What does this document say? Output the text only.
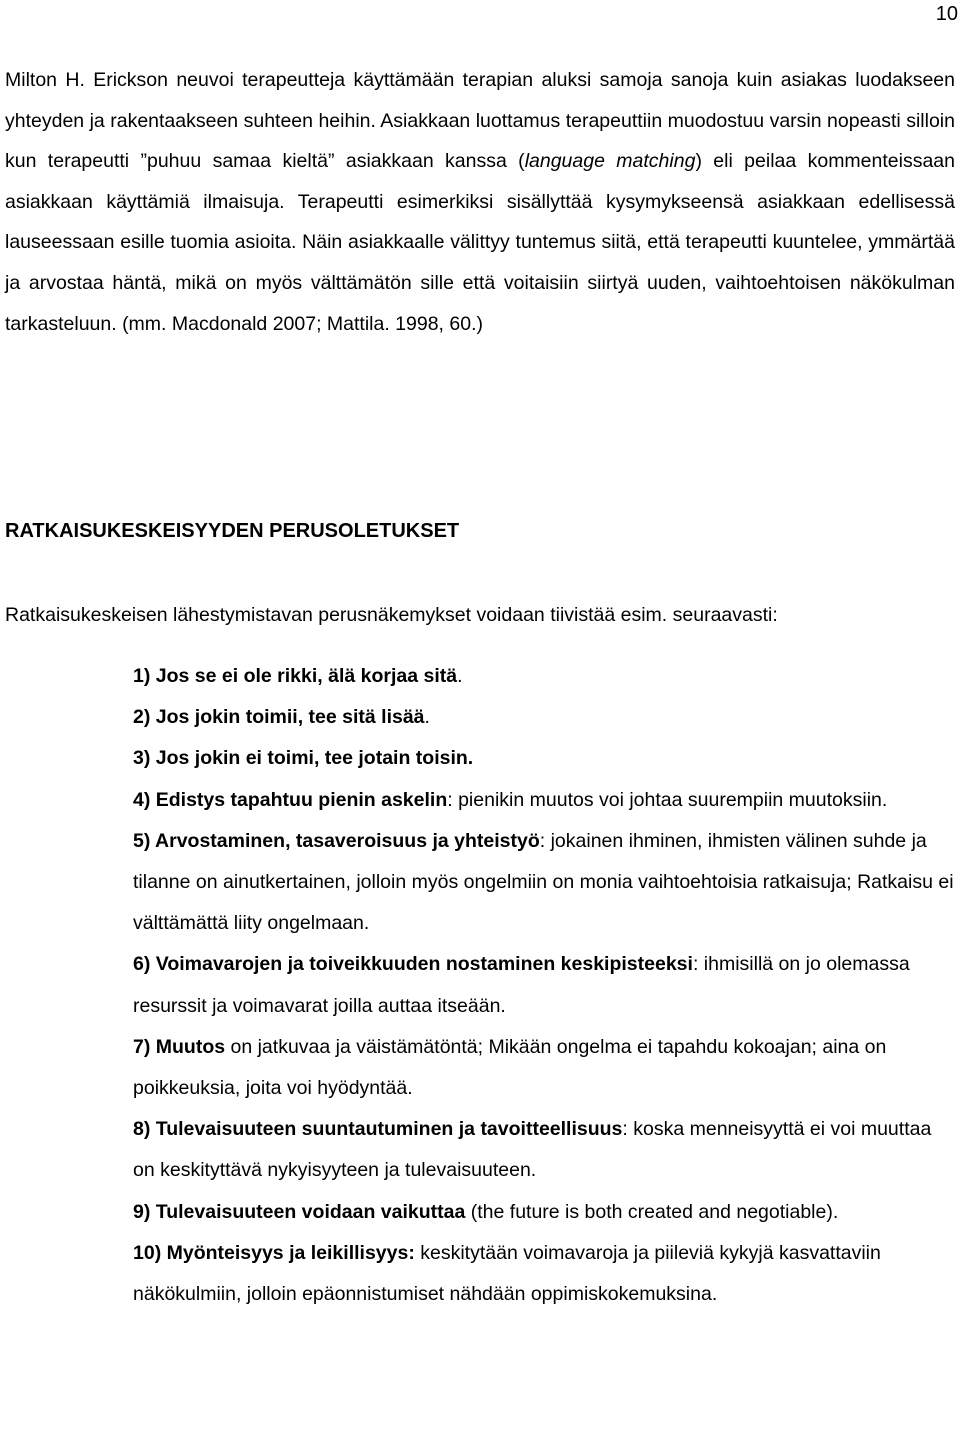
10

Milton H. Erickson neuvoi terapeutteja käyttämään terapian aluksi samoja sanoja kuin asiakas luodakseen yhteyden ja rakentaakseen suhteen heihin. Asiakkaan luottamus terapeuttiin muodostuu varsin nopeasti silloin kun terapeutti ”puhuu samaa kieltä” asiakkaan kanssa (language matching) eli peilaa kommenteissaan asiakkaan käyttämiä ilmaisuja. Terapeutti esimerkiksi sisällyttää kysymykseensä asiakkaan edellisessä lauseessaan esille tuomia asioita. Näin asiakkaalle välittyy tuntemus siitä, että terapeutti kuuntelee, ymmärtää ja arvostaa häntä, mikä on myös välttämätön sille että voitaisiin siirtyä uuden, vaihtoehtoisen näkökulman tarkasteluun. (mm. Macdonald 2007; Mattila. 1998, 60.)

RATKAISUKESKEISYYDEN PERUSOLETUKSET

Ratkaisukeskeisen lähestymistavan perusnäkemykset voidaan tiivistää esim. seuraavasti:

1) Jos se ei ole rikki, älä korjaa sitä.
2) Jos jokin toimii, tee sitä lisää.
3) Jos jokin ei toimi, tee jotain toisin.
4) Edistys tapahtuu pienin askelin: pienikin muutos voi johtaa suurempiin muutoksiin.
5) Arvostaminen, tasaveroisuus ja yhteistyö: jokainen ihminen, ihmisten välinen suhde ja tilanne on ainutkertainen, jolloin myös ongelmiin on monia vaihtoehtoisia ratkaisuja; Ratkaisu ei välttämättä liity ongelmaan.
6) Voimavarojen ja toiveikkuuden nostaminen keskipisteeksi: ihmisillä on jo olemassa resurssit ja voimavarat joilla auttaa itseään.
7) Muutos on jatkuvaa ja väistämätöntä; Mikään ongelma ei tapahdu kokoajan; aina on poikkeuksia, joita voi hyödyntää.
8) Tulevaisuuteen suuntautuminen ja tavoitteellisuus: koska menneisyyttä ei voi muuttaa on keskityttävä nykyisyyteen ja tulevaisuuteen.
9) Tulevaisuuteen voidaan vaikuttaa (the future is both created and negotiable).
10) Myönteisyys ja leikillisyys: keskitytään voimavaroja ja piileviä kykyjä kasvattaviin näkökulmiin, jolloin epäonnistumiset nähdään oppimiskokemuksina.
